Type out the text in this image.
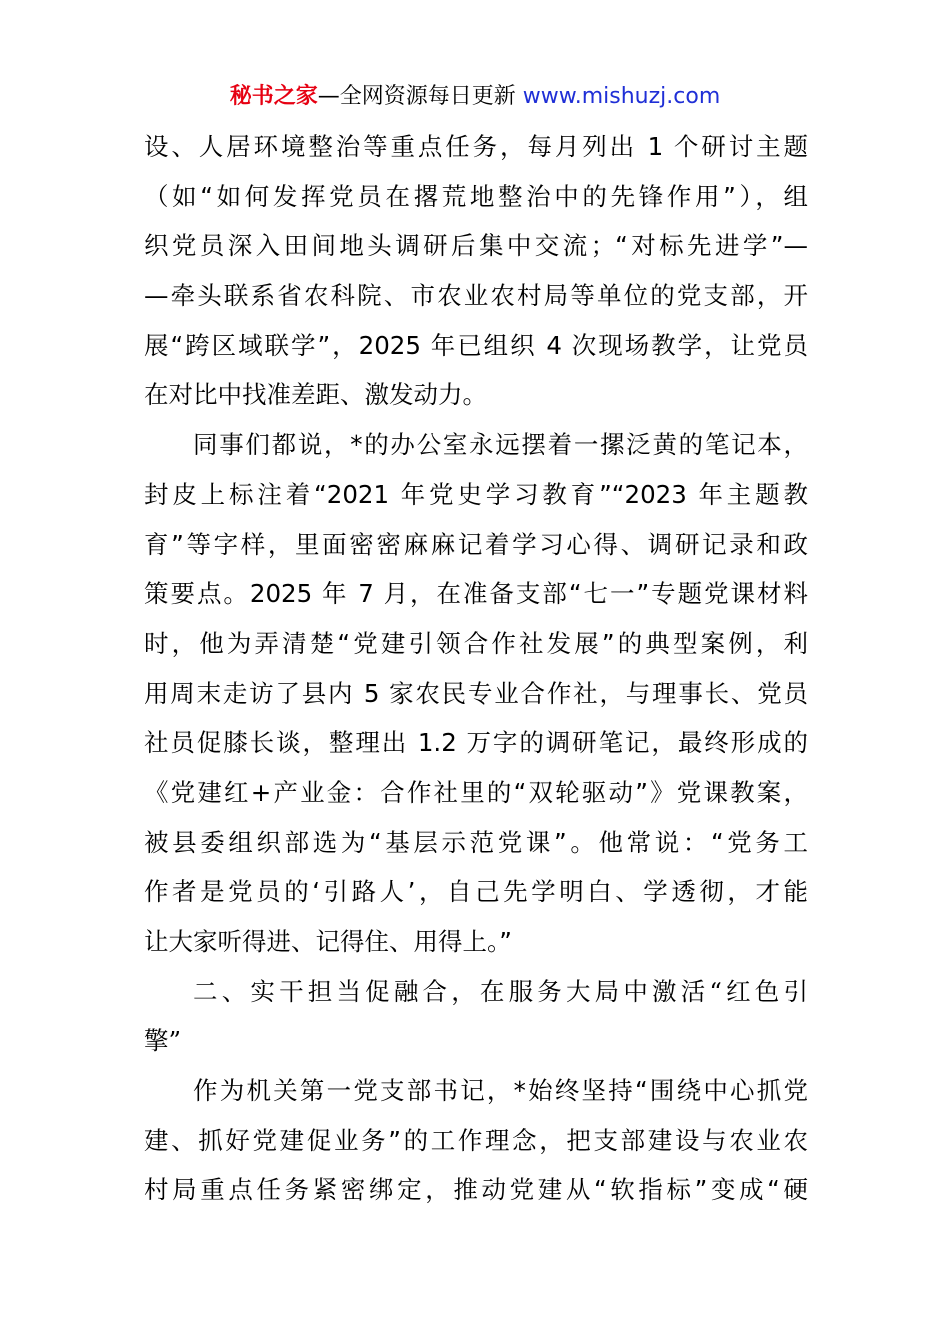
秘书之家—全网资源每日更新 www.mishuzj.com
设、人居环境整治等重点任务，每月列出 1 个研讨主题
（如“如何发挥党员在撂荒地整治中的先锋作用”），组
织党员深入田间地头调研后集中交流；“对标先进学”—
—牵头联系省农科院、市农业农村局等单位的党支部，开
展“跨区域联学”，2025 年已组织 4 次现场教学，让党员
在对比中找准差距、激发动力。
同事们都说，*的办公室永远摆着一摞泛黄的笔记本，
封皮上标注着“2021 年党史学习教育”“2023 年主题教
育”等字样，里面密密麻麻记着学习心得、调研记录和政
策要点。2025 年 7 月，在准备支部“七一”专题党课材料
时，他为弄清楚“党建引领合作社发展”的典型案例，利
用周末走访了县内 5 家农民专业合作社，与理事长、党员
社员促膝长谈，整理出 1.2 万字的调研笔记，最终形成的
《党建红+产业金：合作社里的“双轮驱动”》党课教案，
被县委组织部选为“基层示范党课”。他常说：“党务工
作者是党员的‘引路人’，自己先学明白、学透彻，才能
让大家听得进、记得住、用得上。”
二、实干担当促融合，在服务大局中激活“红色引
擎”
作为机关第一党支部书记，*始终坚持“围绕中心抓党
建、抓好党建促业务”的工作理念，把支部建设与农业农
村局重点任务紧密绑定，推动党建从“软指标”变成“硬
